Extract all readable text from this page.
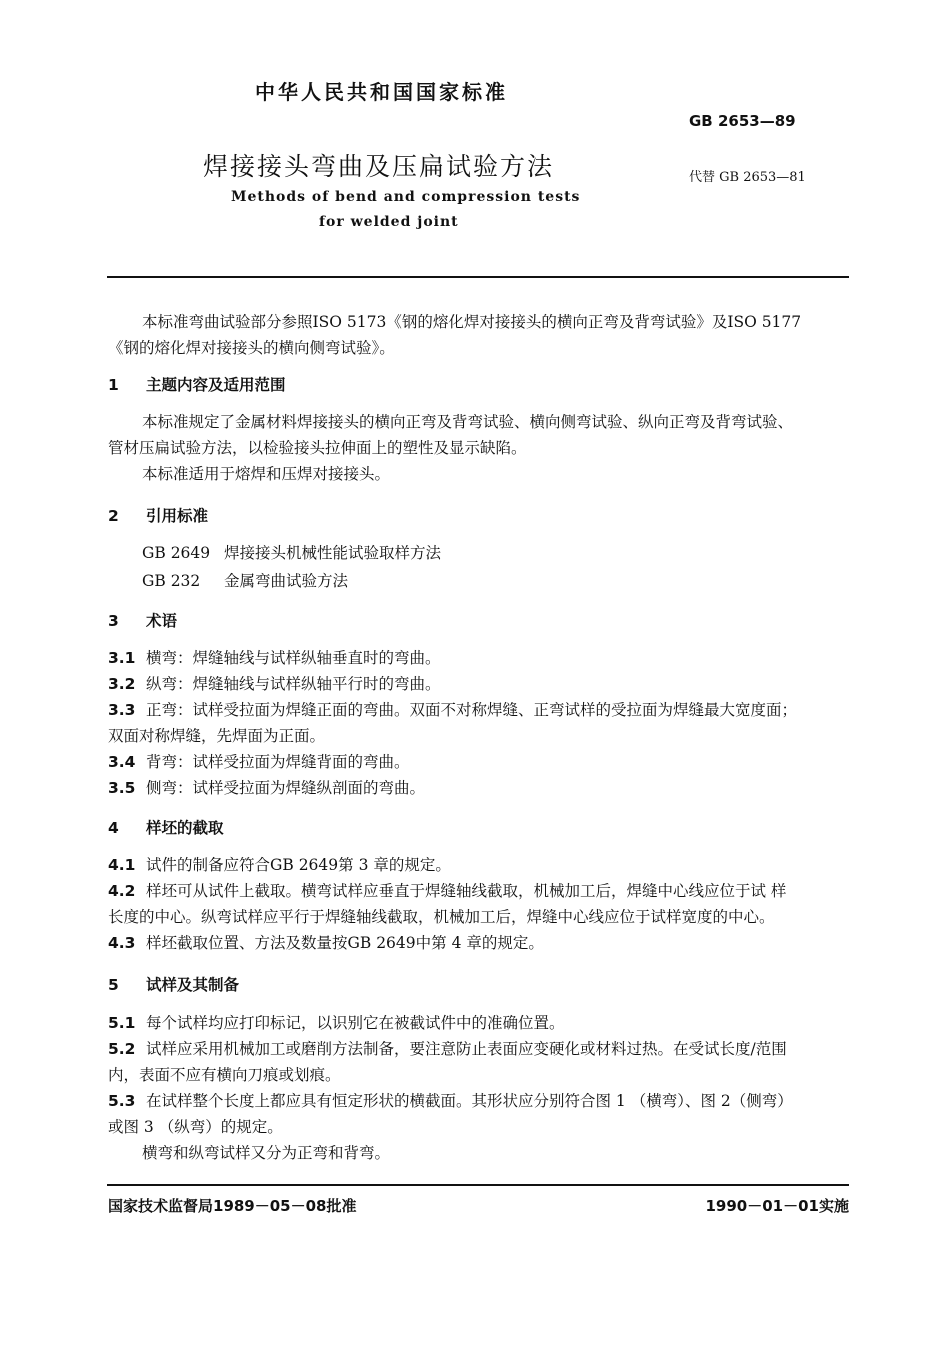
中华人民共和国国家标准
GB 2653—89
焊接接头弯曲及压扁试验方法	代替 GB 2653—81
Methods of bend and compression tests
for welded joint
本标准弯曲试验部分参照ISO 5173《钢的熔化焊对接接头的横向正弯及背弯试验》及ISO 5177
《钢的熔化焊对接接头的横向侧弯试验》。
1 主题内容及适用范围
本标准规定了金属材料焊接接头的横向正弯及背弯试验、横向侧弯试验、纵向正弯及背弯试验、
管材压扁试验方法，以检验接头拉伸面上的塑性及显示缺陷。
本标准适用于熔焊和压焊对接接头。
2 引用标准
GB 2649 焊接接头机械性能试验取样方法
GB 232 金属弯曲试验方法
3 术语
3.1 横弯：焊缝轴线与试样纵轴垂直时的弯曲。
3.2 纵弯：焊缝轴线与试样纵轴平行时的弯曲。
3.3 正弯：试样受拉面为焊缝正面的弯曲。双面不对称焊缝、正弯试样的受拉面为焊缝最大宽度面；
双面对称焊缝，先焊面为正面。
3.4 背弯：试样受拉面为焊缝背面的弯曲。
3.5 侧弯：试样受拉面为焊缝纵剖面的弯曲。
4 样坯的截取
4.1 试件的制备应符合GB 2649第 3 章的规定。
4.2 样坯可从试件上截取。横弯试样应垂直于焊缝轴线截取，机械加工后，焊缝中心线应位于试 样
长度的中心。纵弯试样应平行于焊缝轴线截取，机械加工后，焊缝中心线应位于试样宽度的中心。
4.3 样坯截取位置、方法及数量按GB 2649中第 4 章的规定。
5 试样及其制备
5.1 每个试样均应打印标记，以识别它在被截试件中的准确位置。
5.2 试样应采用机械加工或磨削方法制备，要注意防止表面应变硬化或材料过热。在受试长度/范围
内，表面不应有横向刀痕或划痕。
5.3 在试样整个长度上都应具有恒定形状的横截面。其形状应分别符合图 1 （横弯）、图 2（侧弯）
或图 3 （纵弯）的规定。
横弯和纵弯试样又分为正弯和背弯。
国家技术监督局1989－05－08批准	1990－01－01实施
